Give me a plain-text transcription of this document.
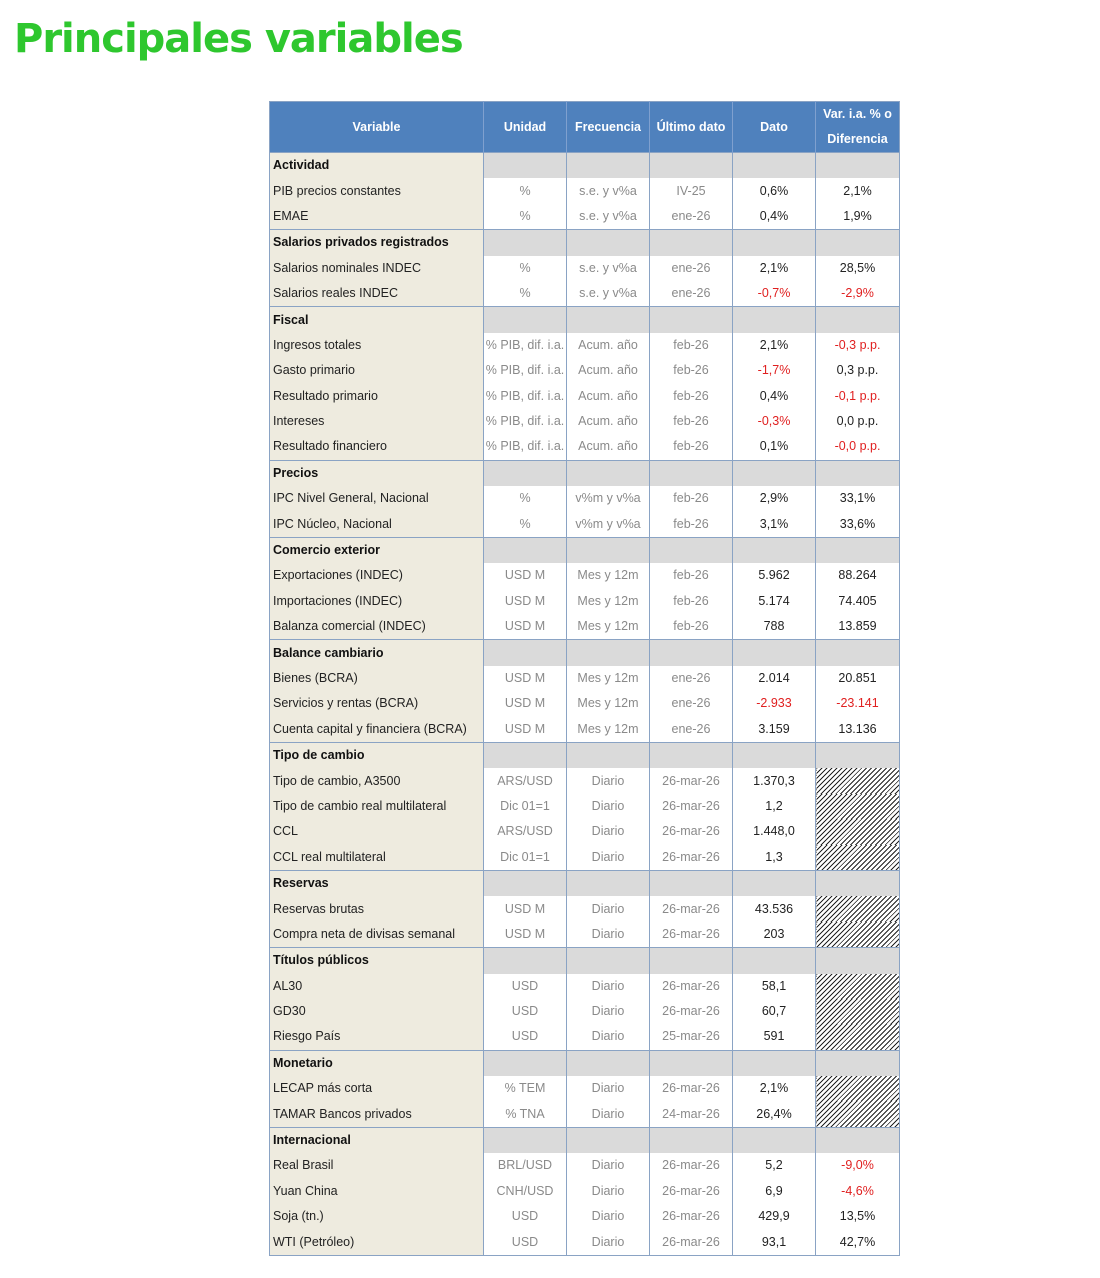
Principales variables
Variable	Unidad	Frecuencia	Último dato	Dato	Var. i.a. % o
Diferencia
Actividad					
PIB precios constantes	%	s.e. y v%a	IV-25	0,6%	2,1%
EMAE	%	s.e. y v%a	ene-26	0,4%	1,9%
Salarios privados registrados					
Salarios nominales INDEC	%	s.e. y v%a	ene-26	2,1%	28,5%
Salarios reales INDEC	%	s.e. y v%a	ene-26	-0,7%	-2,9%
Fiscal					
Ingresos totales	% PIB, dif. i.a.	Acum. año	feb-26	2,1%	-0,3 p.p.
Gasto primario	% PIB, dif. i.a.	Acum. año	feb-26	-1,7%	0,3 p.p.
Resultado primario	% PIB, dif. i.a.	Acum. año	feb-26	0,4%	-0,1 p.p.
Intereses	% PIB, dif. i.a.	Acum. año	feb-26	-0,3%	0,0 p.p.
Resultado financiero	% PIB, dif. i.a.	Acum. año	feb-26	0,1%	-0,0 p.p.
Precios					
IPC Nivel General, Nacional	%	v%m y v%a	feb-26	2,9%	33,1%
IPC Núcleo, Nacional	%	v%m y v%a	feb-26	3,1%	33,6%
Comercio exterior					
Exportaciones (INDEC)	USD M	Mes y 12m	feb-26	5.962	88.264
Importaciones (INDEC)	USD M	Mes y 12m	feb-26	5.174	74.405
Balanza comercial (INDEC)	USD M	Mes y 12m	feb-26	788	13.859
Balance cambiario					
Bienes (BCRA)	USD M	Mes y 12m	ene-26	2.014	20.851
Servicios y rentas (BCRA)	USD M	Mes y 12m	ene-26	-2.933	-23.141
Cuenta capital y financiera (BCRA)	USD M	Mes y 12m	ene-26	3.159	13.136
Tipo de cambio					
Tipo de cambio, A3500	ARS/USD	Diario	26-mar-26	1.370,3	
Tipo de cambio real multilateral	Dic 01=1	Diario	26-mar-26	1,2	
CCL	ARS/USD	Diario	26-mar-26	1.448,0	
CCL real multilateral	Dic 01=1	Diario	26-mar-26	1,3	
Reservas					
Reservas brutas	USD M	Diario	26-mar-26	43.536	
Compra neta de divisas semanal	USD M	Diario	26-mar-26	203	
Títulos públicos					
AL30	USD	Diario	26-mar-26	58,1	
GD30	USD	Diario	26-mar-26	60,7	
Riesgo País	USD	Diario	25-mar-26	591	
Monetario					
LECAP más corta	% TEM	Diario	26-mar-26	2,1%	
TAMAR Bancos privados	% TNA	Diario	24-mar-26	26,4%	
Internacional					
Real Brasil	BRL/USD	Diario	26-mar-26	5,2	-9,0%
Yuan China	CNH/USD	Diario	26-mar-26	6,9	-4,6%
Soja (tn.)	USD	Diario	26-mar-26	429,9	13,5%
WTI (Petróleo)	USD	Diario	26-mar-26	93,1	42,7%
